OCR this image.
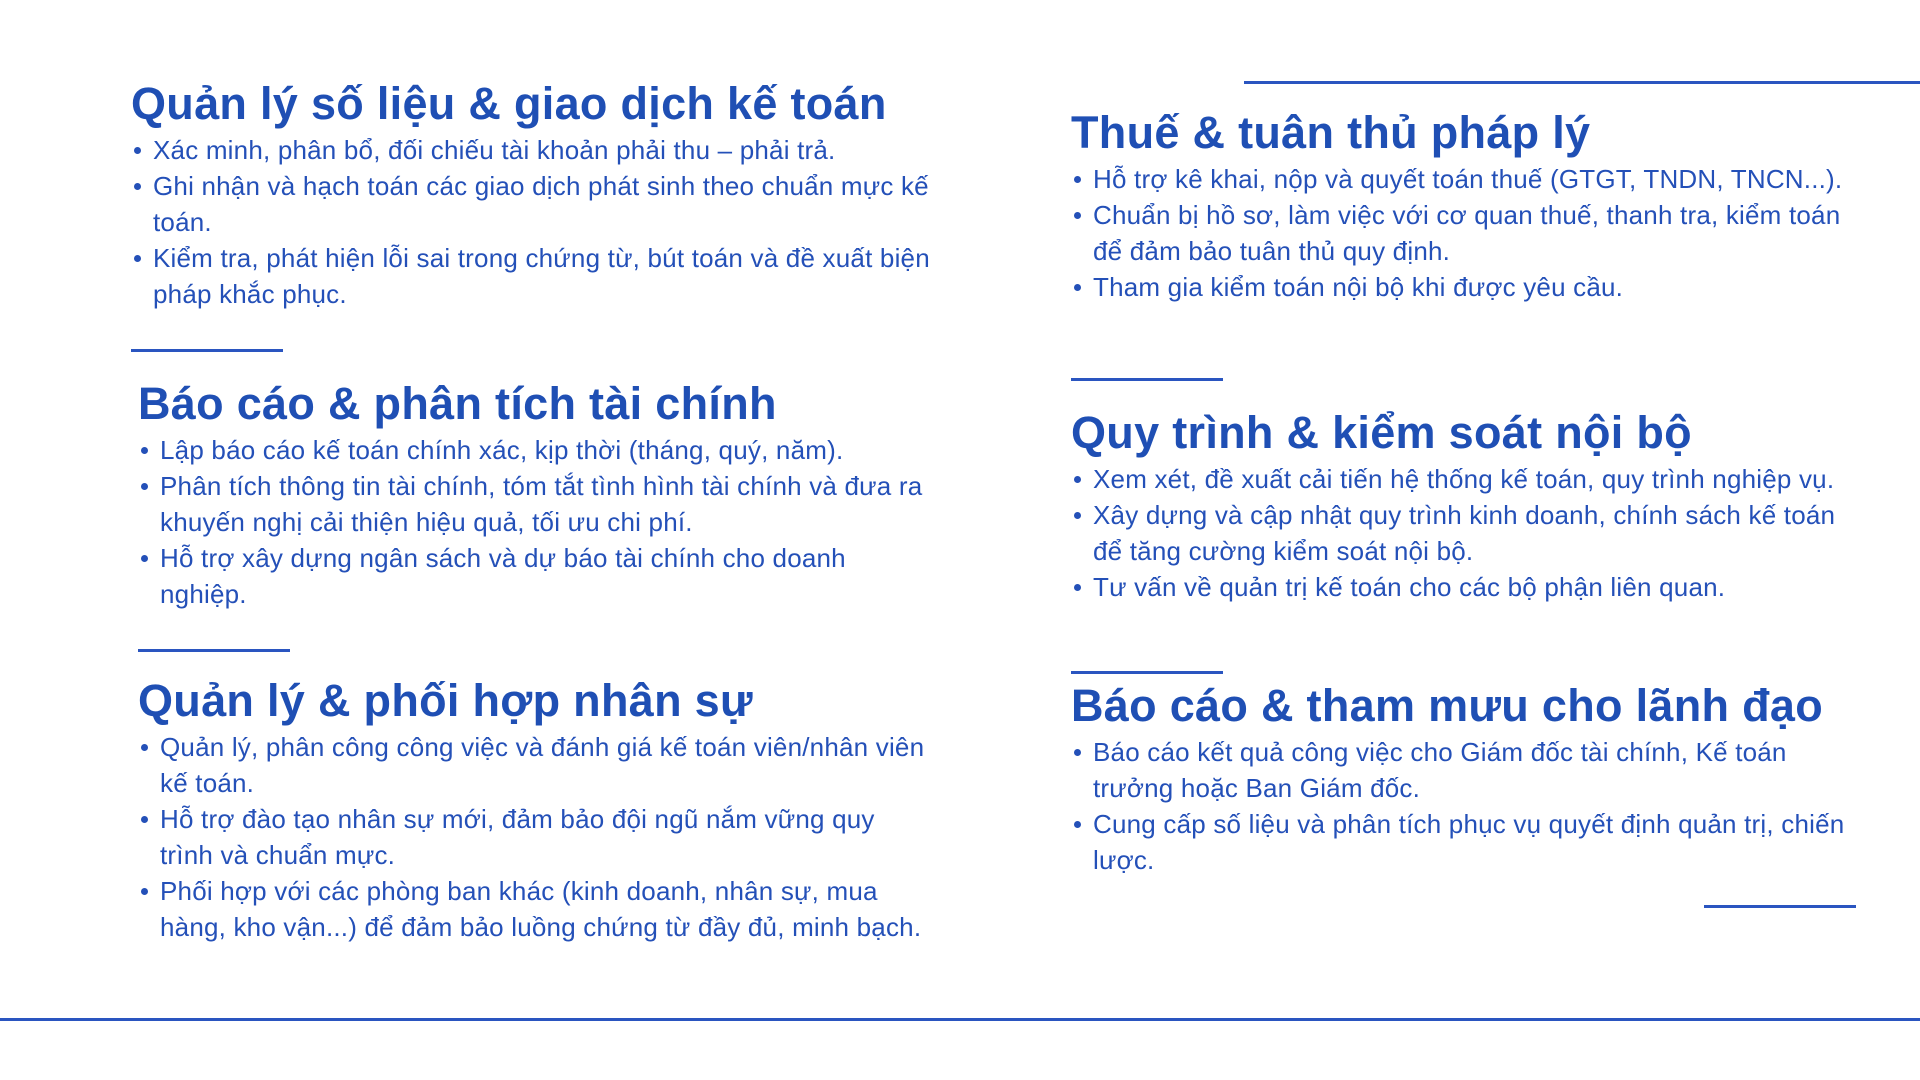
Quản lý số liệu & giao dịch kế toán
Xác minh, phân bổ, đối chiếu tài khoản phải thu – phải trả.
Ghi nhận và hạch toán các giao dịch phát sinh theo chuẩn mực kế toán.
Kiểm tra, phát hiện lỗi sai trong chứng từ, bút toán và đề xuất biện pháp khắc phục.
Báo cáo & phân tích tài chính
Lập báo cáo kế toán chính xác, kịp thời (tháng, quý, năm).
Phân tích thông tin tài chính, tóm tắt tình hình tài chính và đưa ra khuyến nghị cải thiện hiệu quả, tối ưu chi phí.
Hỗ trợ xây dựng ngân sách và dự báo tài chính cho doanh nghiệp.
Quản lý & phối hợp nhân sự
Quản lý, phân công công việc và đánh giá kế toán viên/nhân viên kế toán.
Hỗ trợ đào tạo nhân sự mới, đảm bảo đội ngũ nắm vững quy trình và chuẩn mực.
Phối hợp với các phòng ban khác (kinh doanh, nhân sự, mua hàng, kho vận...) để đảm bảo luồng chứng từ đầy đủ, minh bạch.
Thuế & tuân thủ pháp lý
Hỗ trợ kê khai, nộp và quyết toán thuế (GTGT, TNDN, TNCN...).
Chuẩn bị hồ sơ, làm việc với cơ quan thuế, thanh tra, kiểm toán để đảm bảo tuân thủ quy định.
Tham gia kiểm toán nội bộ khi được yêu cầu.
Quy trình & kiểm soát nội bộ
Xem xét, đề xuất cải tiến hệ thống kế toán, quy trình nghiệp vụ.
Xây dựng và cập nhật quy trình kinh doanh, chính sách kế toán để tăng cường kiểm soát nội bộ.
Tư vấn về quản trị kế toán cho các bộ phận liên quan.
Báo cáo & tham mưu cho lãnh đạo
Báo cáo kết quả công việc cho Giám đốc tài chính, Kế toán trưởng hoặc Ban Giám đốc.
Cung cấp số liệu và phân tích phục vụ quyết định quản trị, chiến lược.
